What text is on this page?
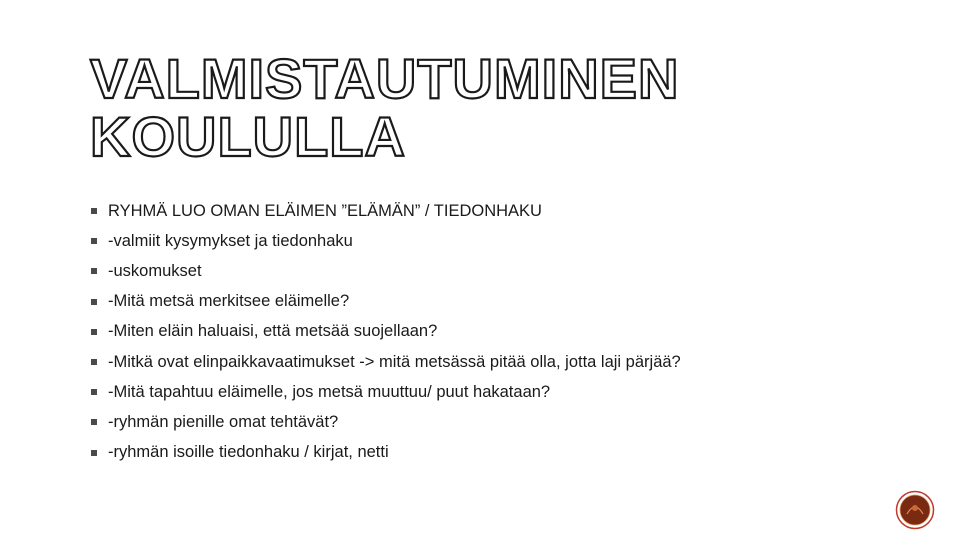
VALMISTAUTUMINEN
KOULULLA
RYHMÄ LUO OMAN ELÄIMEN ”ELÄMÄN” / TIEDONHAKU
-valmiit kysymykset ja tiedonhaku
-uskomukset
-Mitä metsä merkitsee eläimelle?
-Miten eläin haluaisi, että metsää suojellaan?
-Mitkä ovat elinpaikkavaatimukset -> mitä metsässä pitää olla, jotta laji pärjää?
-Mitä tapahtuu eläimelle, jos metsä muuttuu/ puut hakataan?
-ryhmän pienille omat tehtävät?
-ryhmän isoille tiedonhaku / kirjat, netti
